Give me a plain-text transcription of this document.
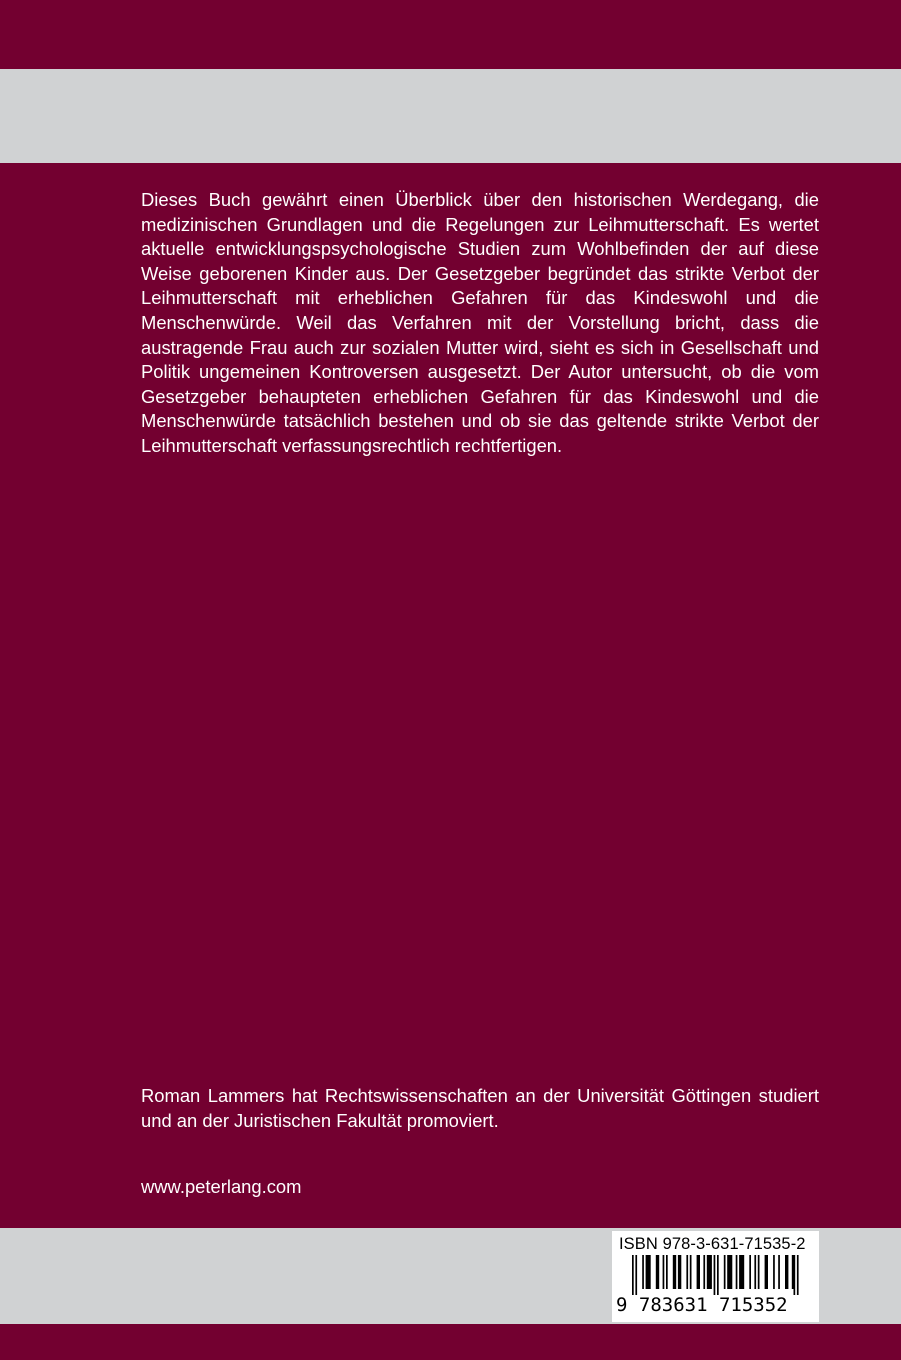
Dieses Buch gewährt einen Überblick über den historischen Werdegang, die medizinischen Grundlagen und die Regelungen zur Leihmutterschaft. Es wertet aktuelle entwicklungspsychologische Studien zum Wohlbefinden der auf diese Weise geborenen Kinder aus. Der Gesetzgeber begründet das strikte Verbot der Leihmutterschaft mit erheblichen Gefahren für das Kindeswohl und die Menschenwürde. Weil das Verfahren mit der Vorstellung bricht, dass die austragende Frau auch zur sozialen Mutter wird, sieht es sich in Gesellschaft und Politik ungemeinen Kontroversen ausgesetzt. Der Autor untersucht, ob die vom Gesetzgeber behaupteten erheblichen Gefahren für das Kindeswohl und die Menschenwürde tatsächlich bestehen und ob sie das geltende strikte Verbot der Leihmutterschaft verfassungsrechtlich rechtfertigen.

Roman Lammers hat Rechtswissenschaften an der Universität Göttingen studiert und an der Juristischen Fakultät promoviert.

www.peterlang.com

ISBN 978-3-631-71535-2
9 783631 715352
